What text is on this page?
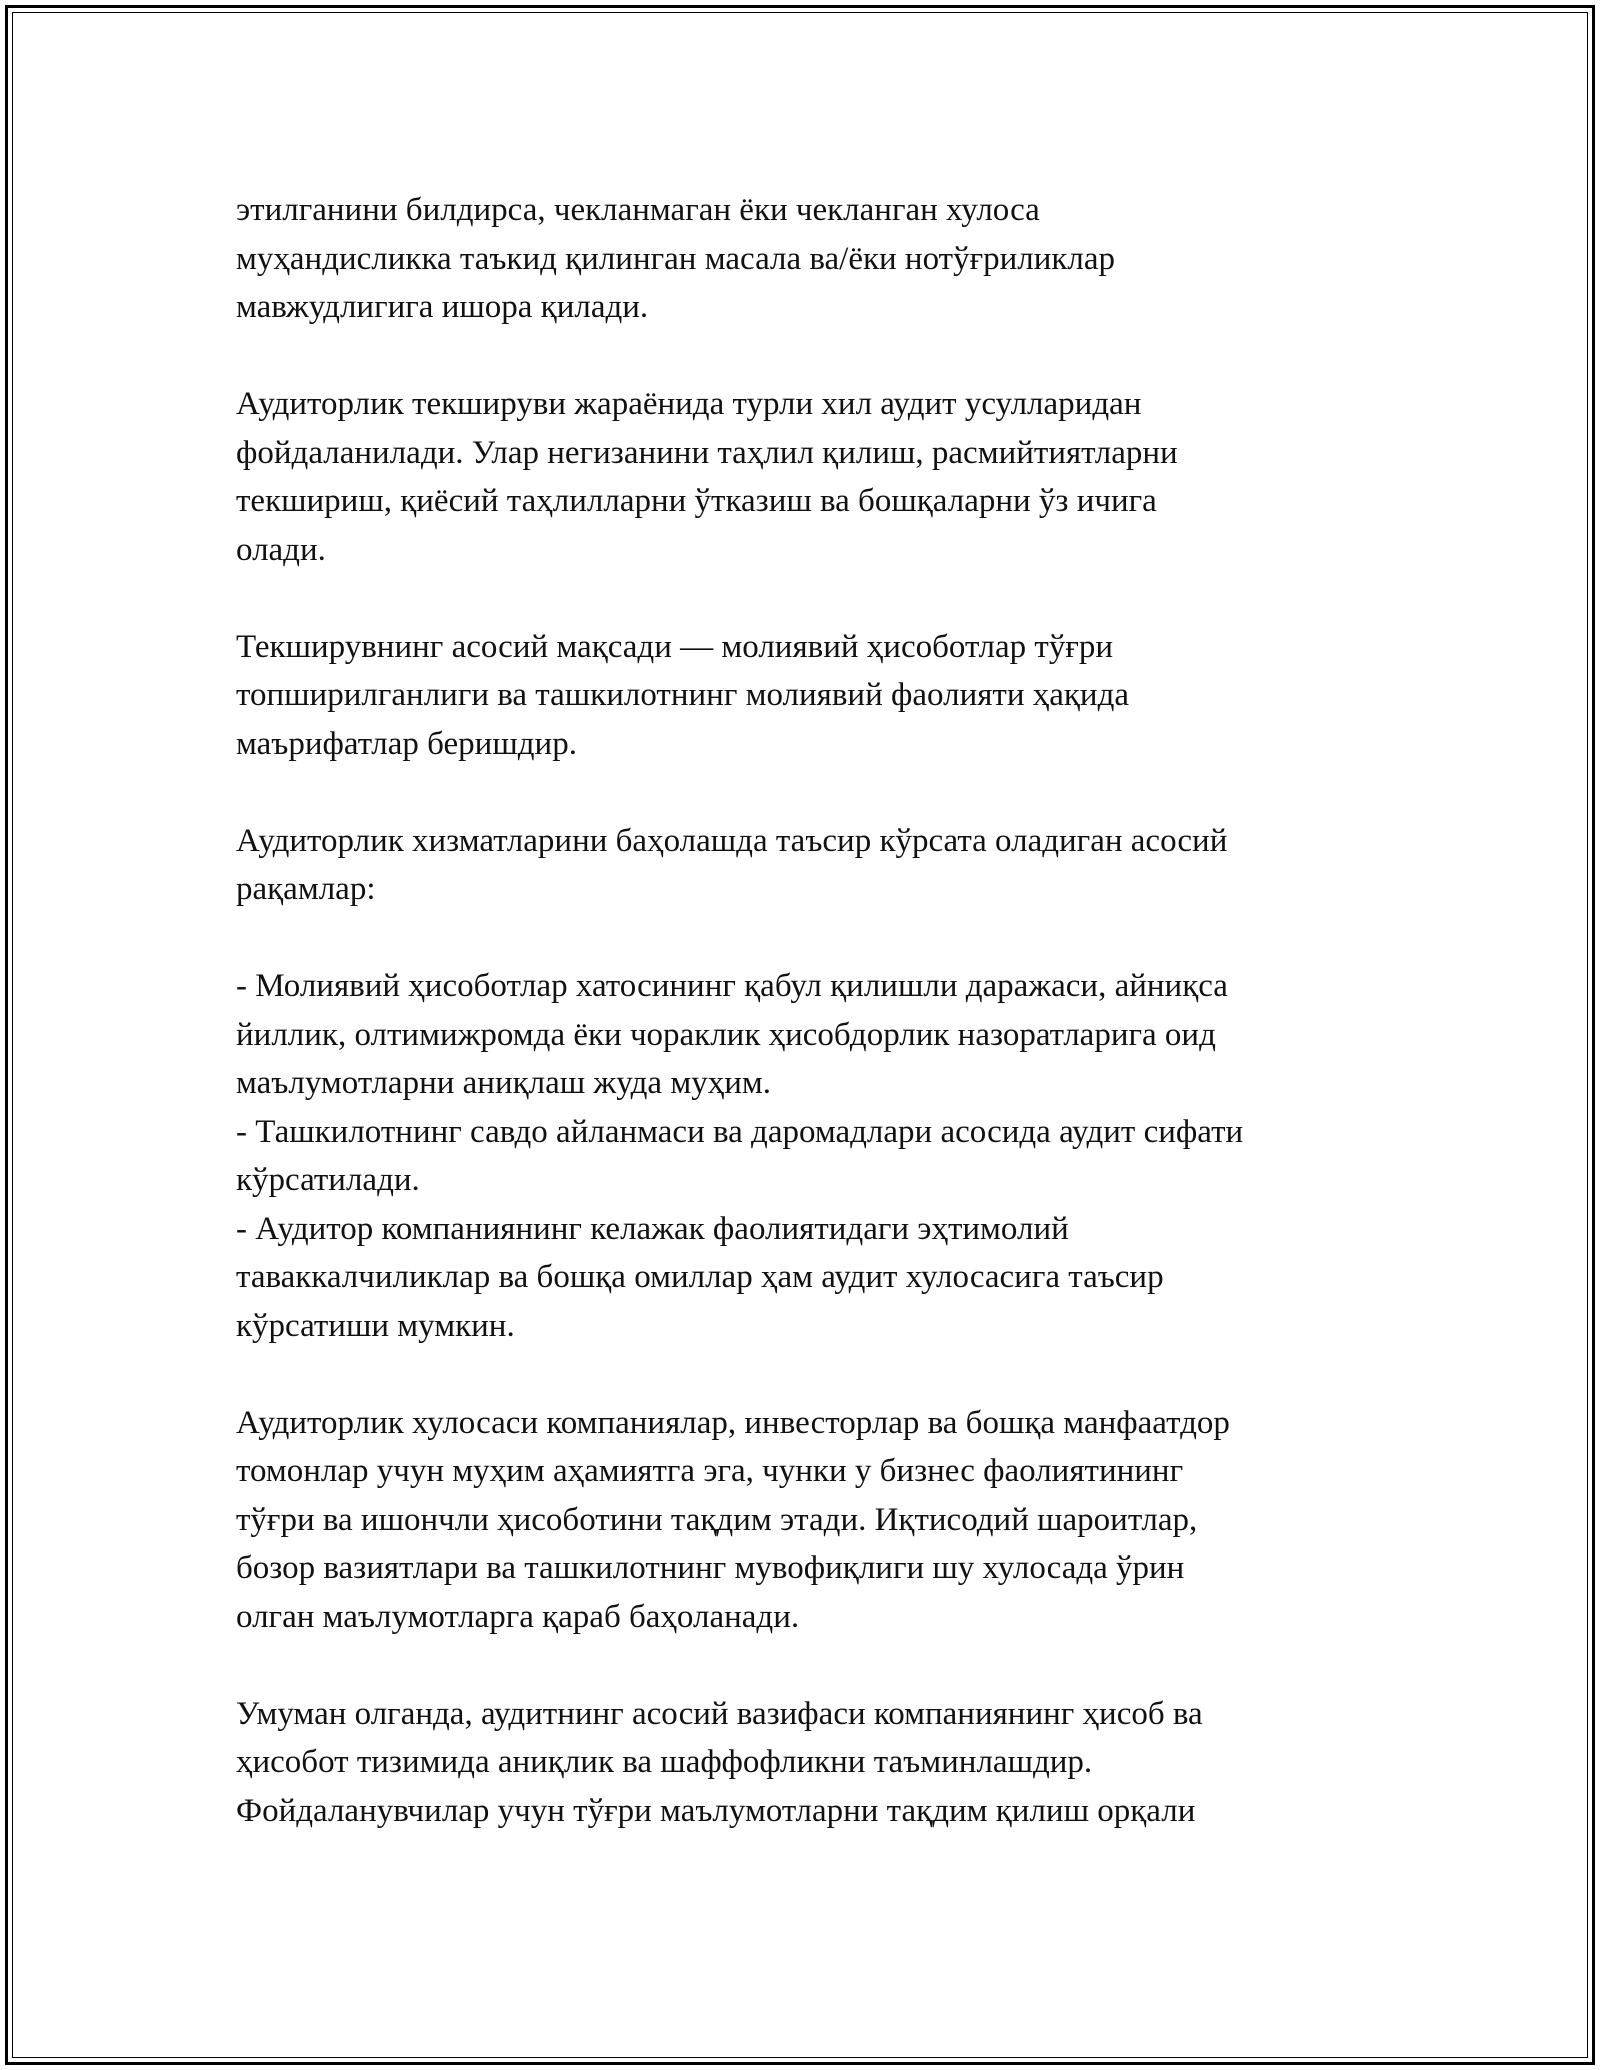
этилганини билдирса, чекланмаган ёки чекланган хулоса
муҳандисликка таъкид қилинган масала ва/ёки нотўғриликлар
мавжудлигига ишора қилади.

Аудиторлик текшируви жараёнида турли хил аудит усулларидан
фойдаланилади. Улар негизанини таҳлил қилиш, расмийтиятларни
текшириш, қиёсий таҳлилларни ўтказиш ва бошқаларни ўз ичига
олади.

Текширувнинг асосий мақсади — молиявий ҳисоботлар тўғри
топширилганлиги ва ташкилотнинг молиявий фаолияти ҳақида
маърифатлар беришдир.

Аудиторлик хизматларини баҳолашда таъсир кўрсата оладиган асосий
рақамлар:

- Молиявий ҳисоботлар хатосининг қабул қилишли даражаси, айниқса
йиллик, олтимижромда ёки чораклик ҳисобдорлик назоратларига оид
маълумотларни аниқлаш жуда муҳим.
- Ташкилотнинг савдо айланмаси ва даромадлари асосида аудит сифати
кўрсатилади.
- Аудитор компаниянинг келажак фаолиятидаги эҳтимолий
таваккалчиликлар ва бошқа омиллар ҳам аудит хулосасига таъсир
кўрсатиши мумкин.

Аудиторлик хулосаси компаниялар, инвесторлар ва бошқа манфаатдор
томонлар учун муҳим аҳамиятга эга, чунки у бизнес фаолиятининг
тўғри ва ишончли ҳисоботини тақдим этади. Иқтисодий шароитлар,
бозор вазиятлари ва ташкилотнинг мувофиқлиги шу хулосада ўрин
олган маълумотларга қараб баҳоланади.

Умуман олганда, аудитнинг асосий вазифаси компаниянинг ҳисоб ва
ҳисобот тизимида аниқлик ва шаффофликни таъминлашдир.
Фойдаланувчилар учун тўғри маълумотларни тақдим қилиш орқали
